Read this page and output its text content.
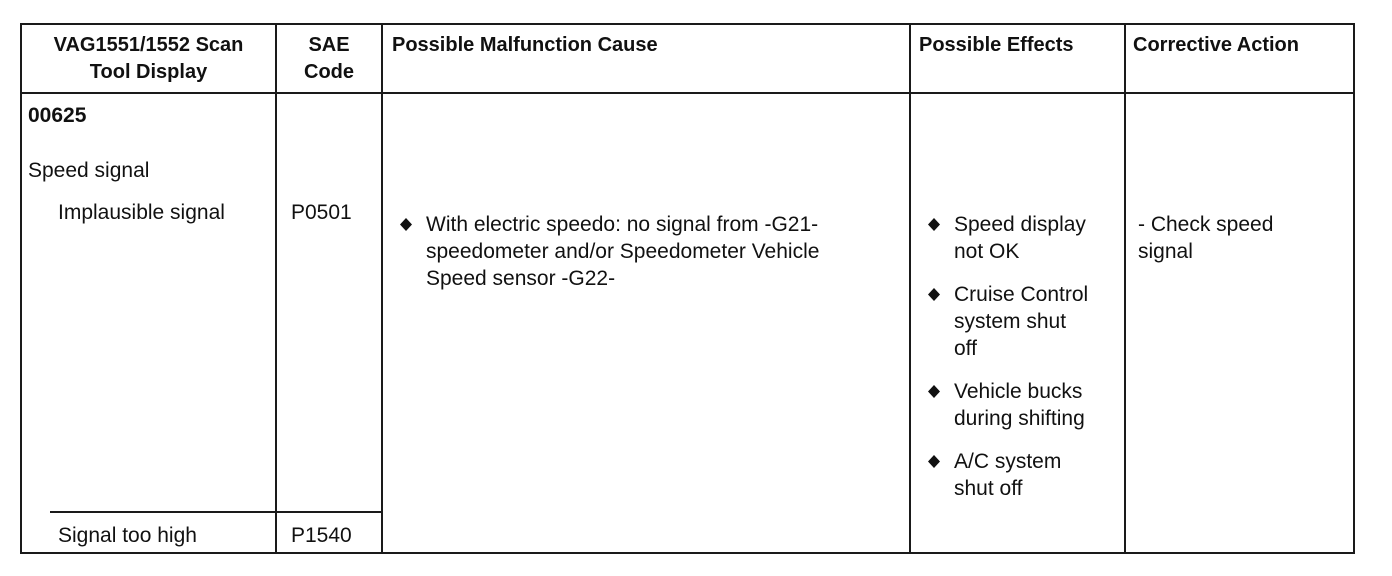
VAG1551/1552 Scan
Tool Display
SAE
Code
Possible Malfunction Cause	Possible Effects	Corrective Action
00625
Speed signal
Implausible signal
Signal too high
P0501
P1540
With electric speedo: no signal from -G21-
speedometer and/or Speedometer Vehicle
Speed sensor -G22-
Speed display
not OK
Cruise Control
system shut
off
Vehicle bucks
during shifting
A/C system
shut off
- Check speed
signal
